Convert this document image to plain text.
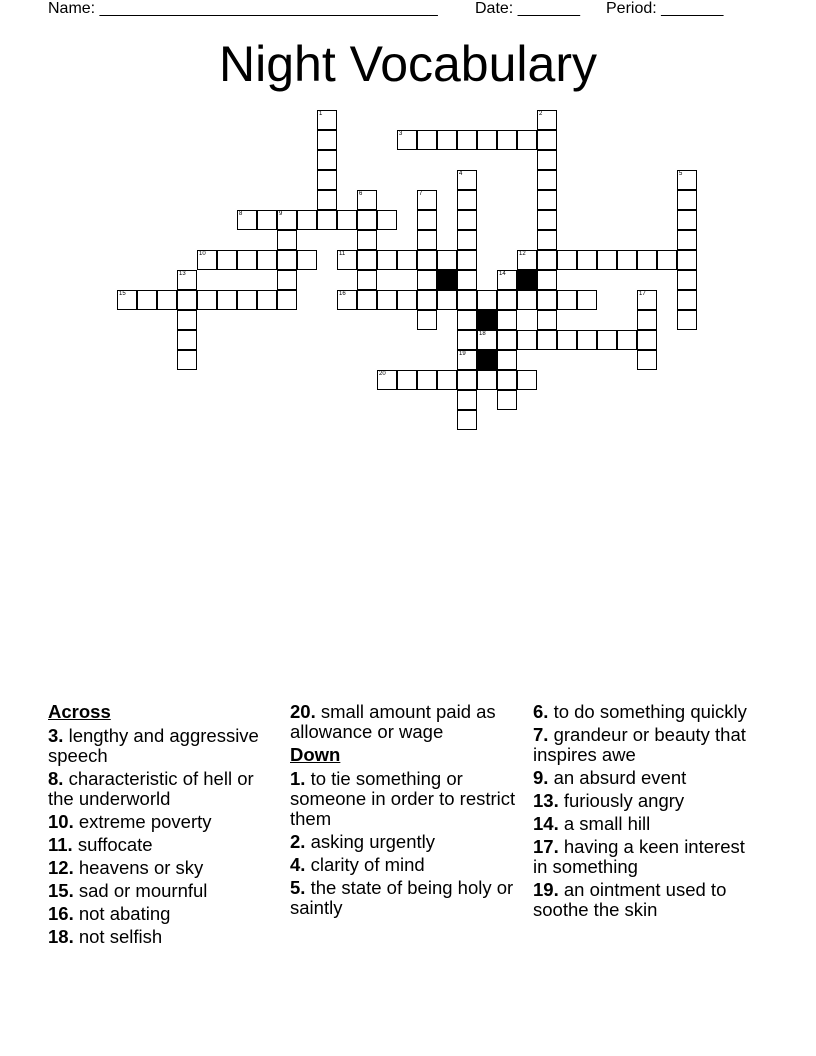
Name: ______________________________________ Date: _______ Period: _______
Night Vocabulary
3
8	9
10	11	12
15	16
18
20
1	2
4
19
5
6	7
13	14
17
Across
3. lengthy and aggressive speech
8. characteristic of hell or the underworld
10. extreme poverty
11. suffocate
12. heavens or sky
15. sad or mournful
16. not abating
18. not selfish
20. small amount paid as allowance or wage
Down
1. to tie something or someone in order to restrict them
2. asking urgently
4. clarity of mind
5. the state of being holy or saintly
6. to do something quickly
7. grandeur or beauty that inspires awe
9. an absurd event
13. furiously angry
14. a small hill
17. having a keen interest in something
19. an ointment used to soothe the skin
